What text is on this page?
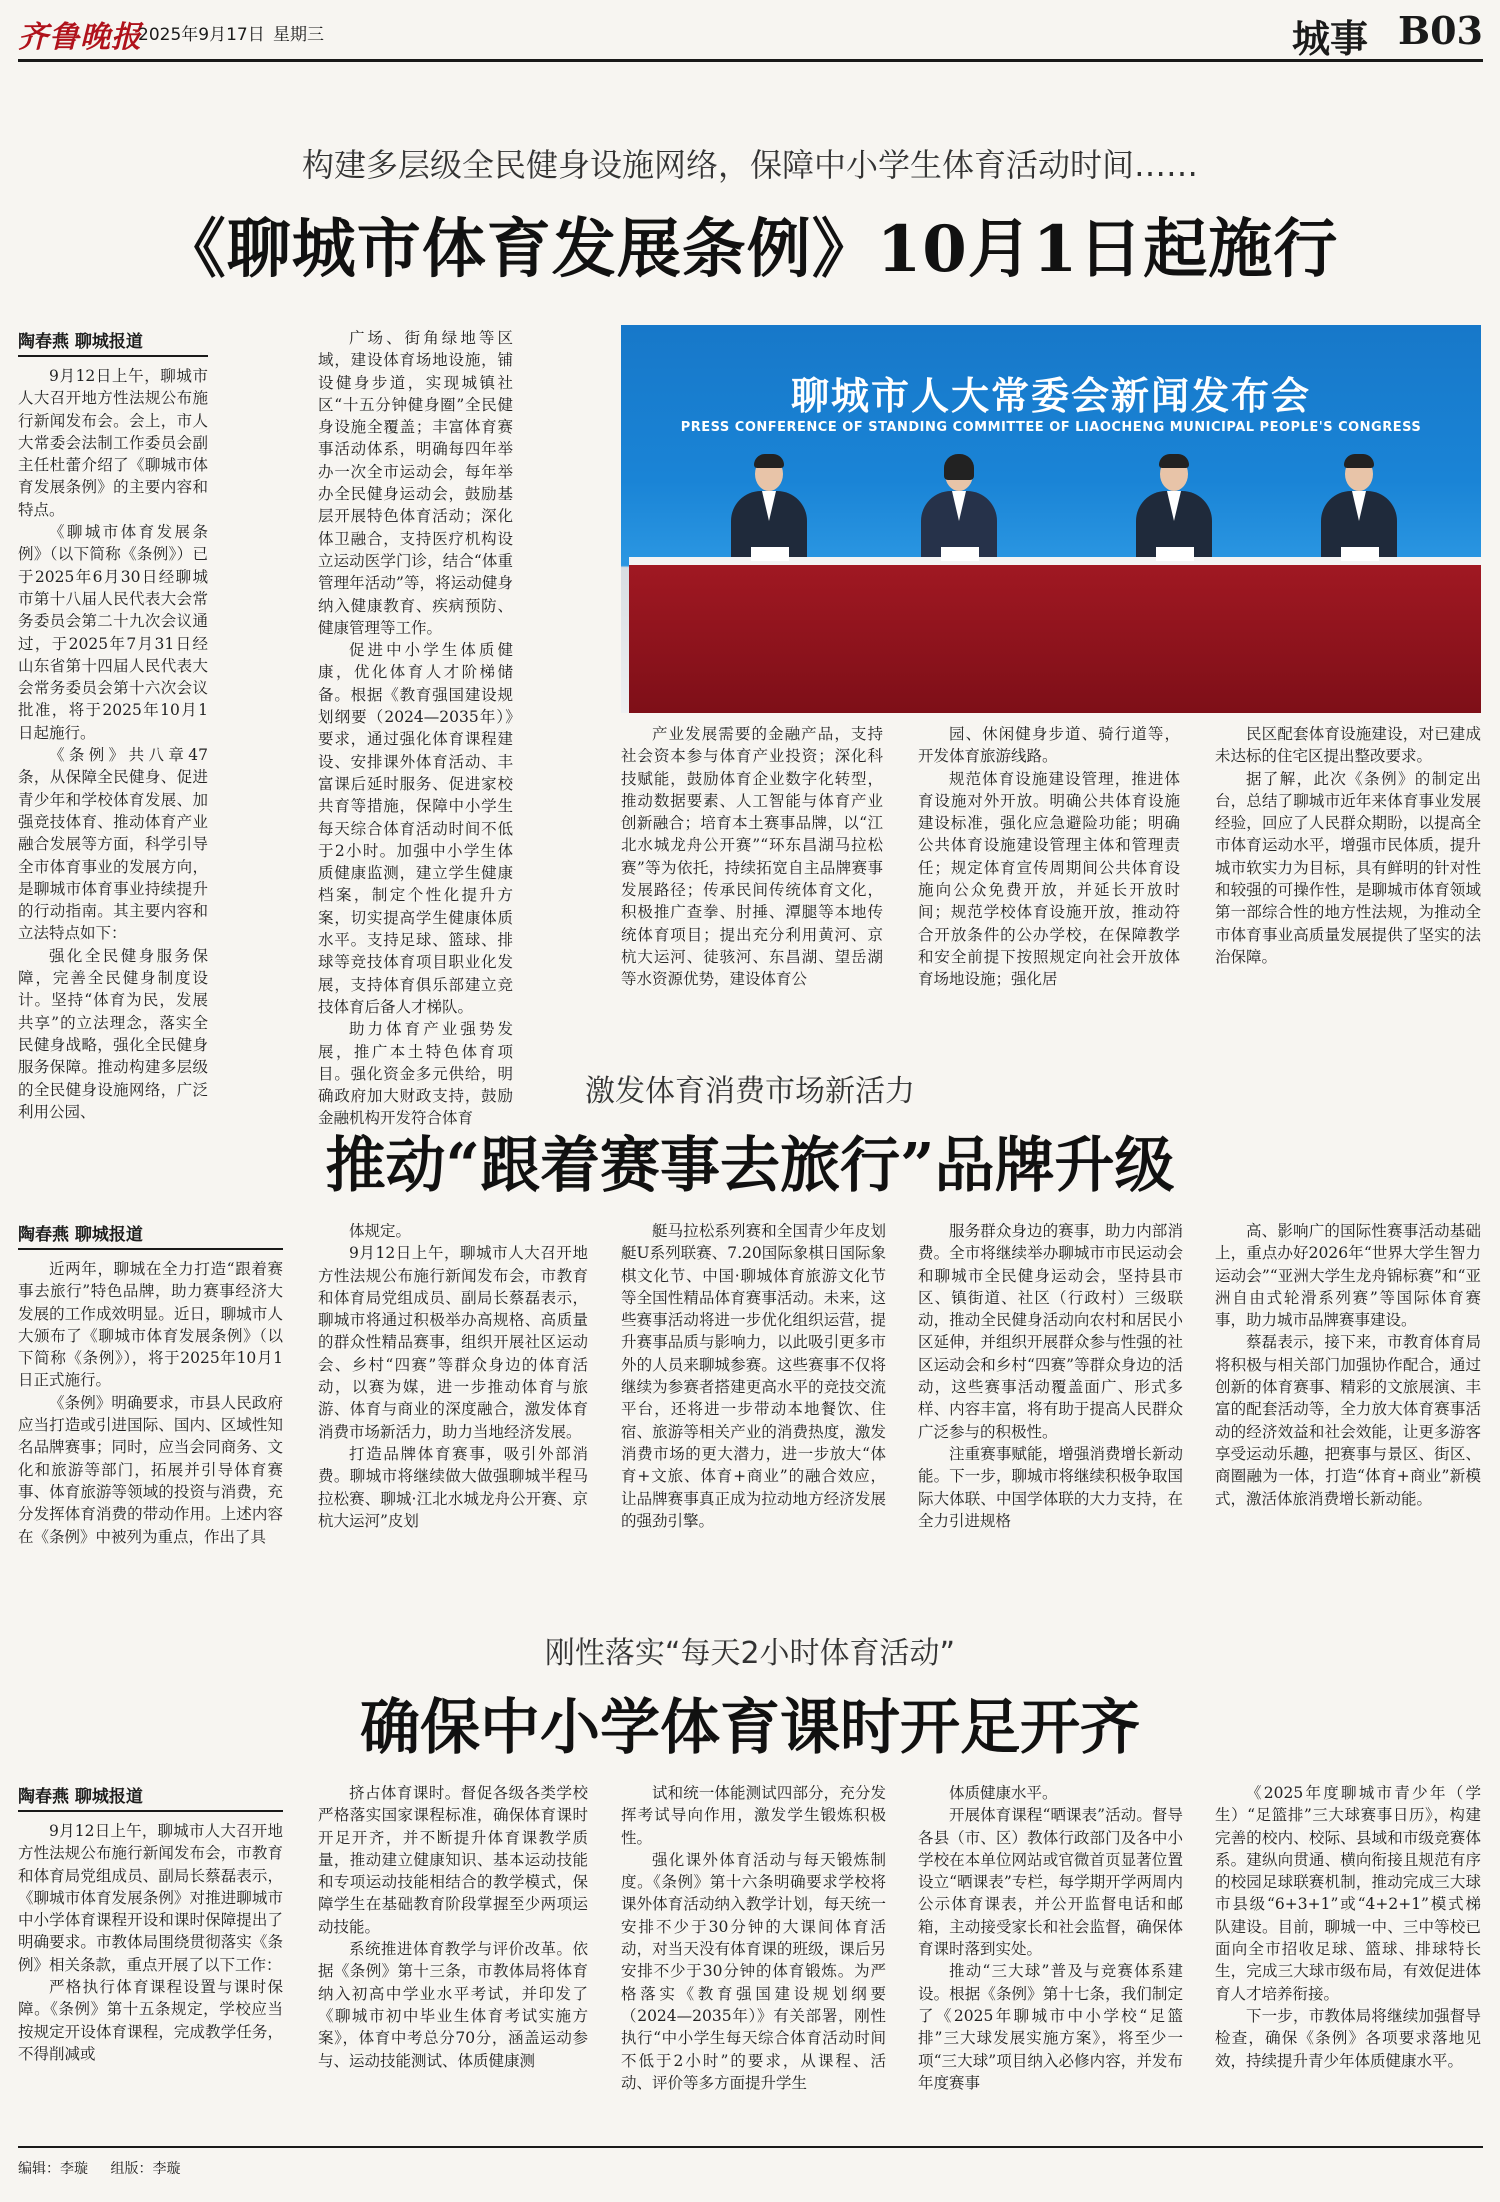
齐鲁晚报
2025年9月17日 星期三	城事 B03
构建多层级全民健身设施网络，保障中小学生体育活动时间……
《聊城市体育发展条例》10月1日起施行
陶春燕 聊城报道

9月12日上午，聊城市人大召开地方性法规公布施行新闻发布会。会上，市人大常委会法制工作委员会副主任杜蕾介绍了《聊城市体育发展条例》的主要内容和特点。

《聊城市体育发展条例》（以下简称《条例》）已于2025年6月30日经聊城市第十八届人民代表大会常务委员会第二十九次会议通过，于2025年7月31日经山东省第十四届人民代表大会常务委员会第十六次会议批准，将于2025年10月1日起施行。

《条例》共八章47条，从保障全民健身、促进青少年和学校体育发展、加强竞技体育、推动体育产业融合发展等方面，科学引导全市体育事业的发展方向，是聊城市体育事业持续提升的行动指南。其主要内容和立法特点如下：

强化全民健身服务保障，完善全民健身制度设计。坚持“体育为民，发展共享”的立法理念，落实全民健身战略，强化全民健身服务保障。推动构建多层级的全民健身设施网络，广泛利用公园、

广场、街角绿地等区域，建设体育场地设施，铺设健身步道，实现城镇社区“十五分钟健身圈”全民健身设施全覆盖；丰富体育赛事活动体系，明确每四年举办一次全市运动会，每年举办全民健身运动会，鼓励基层开展特色体育活动；深化体卫融合，支持医疗机构设立运动医学门诊，结合“体重管理年活动”等，将运动健身纳入健康教育、疾病预防、健康管理等工作。

促进中小学生体质健康，优化体育人才阶梯储备。根据《教育强国建设规划纲要（2024—2035年）》要求，通过强化体育课程建设、安排课外体育活动、丰富课后延时服务、促进家校共育等措施，保障中小学生每天综合体育活动时间不低于2小时。加强中小学生体质健康监测，建立学生健康档案，制定个性化提升方案，切实提高学生健康体质水平。支持足球、篮球、排球等竞技体育项目职业化发展，支持体育俱乐部建立竞技体育后备人才梯队。

助力体育产业强势发展，推广本土特色体育项目。强化资金多元供给，明确政府加大财政支持，鼓励金融机构开发符合体育

聊城市人大常委会新闻发布会
PRESS CONFERENCE OF STANDING COMMITTEE OF LIAOCHENG MUNICIPAL PEOPLE'S CONGRESS

产业发展需要的金融产品，支持社会资本参与体育产业投资；深化科技赋能，鼓励体育企业数字化转型，推动数据要素、人工智能与体育产业创新融合；培育本土赛事品牌，以“江北水城龙舟公开赛”“环东昌湖马拉松赛”等为依托，持续拓宽自主品牌赛事发展路径；传承民间传统体育文化，积极推广查拳、肘捶、潭腿等本地传统体育项目；提出充分利用黄河、京杭大运河、徒骇河、东昌湖、望岳湖等水资源优势，建设体育公

园、休闲健身步道、骑行道等，开发体育旅游线路。

规范体育设施建设管理，推进体育设施对外开放。明确公共体育设施建设标准，强化应急避险功能；明确公共体育设施建设管理主体和管理责任；规定体育宣传周期间公共体育设施向公众免费开放，并延长开放时间；规范学校体育设施开放，推动符合开放条件的公办学校，在保障教学和安全前提下按照规定向社会开放体育场地设施；强化居

民区配套体育设施建设，对已建成未达标的住宅区提出整改要求。

据了解，此次《条例》的制定出台，总结了聊城市近年来体育事业发展经验，回应了人民群众期盼，以提高全市体育运动水平，增强市民体质，提升城市软实力为目标，具有鲜明的针对性和较强的可操作性，是聊城市体育领域第一部综合性的地方性法规，为推动全市体育事业高质量发展提供了坚实的法治保障。

激发体育消费市场新活力
推动“跟着赛事去旅行”品牌升级
陶春燕 聊城报道

近两年，聊城在全力打造“跟着赛事去旅行”特色品牌，助力赛事经济大发展的工作成效明显。近日，聊城市人大颁布了《聊城市体育发展条例》（以下简称《条例》），将于2025年10月1日正式施行。

《条例》明确要求，市县人民政府应当打造或引进国际、国内、区域性知名品牌赛事；同时，应当会同商务、文化和旅游等部门，拓展并引导体育赛事、体育旅游等领域的投资与消费，充分发挥体育消费的带动作用。上述内容在《条例》中被列为重点，作出了具

体规定。

9月12日上午，聊城市人大召开地方性法规公布施行新闻发布会，市教育和体育局党组成员、副局长蔡磊表示，聊城市将通过积极举办高规格、高质量的群众性精品赛事，组织开展社区运动会、乡村“四赛”等群众身边的体育活动，以赛为媒，进一步推动体育与旅游、体育与商业的深度融合，激发体育消费市场新活力，助力当地经济发展。

打造品牌体育赛事，吸引外部消费。聊城市将继续做大做强聊城半程马拉松赛、聊城·江北水城龙舟公开赛、京杭大运河”皮划

艇马拉松系列赛和全国青少年皮划艇U系列联赛、7.20国际象棋日国际象棋文化节、中国·聊城体育旅游文化节等全国性精品体育赛事活动。未来，这些赛事活动将进一步优化组织运营，提升赛事品质与影响力，以此吸引更多市外的人员来聊城参赛。这些赛事不仅将继续为参赛者搭建更高水平的竞技交流平台，还将进一步带动本地餐饮、住宿、旅游等相关产业的消费热度，激发消费市场的更大潜力，进一步放大“体育+文旅、体育+商业”的融合效应，让品牌赛事真正成为拉动地方经济发展的强劲引擎。

服务群众身边的赛事，助力内部消费。全市将继续举办聊城市市民运动会和聊城市全民健身运动会，坚持县市区、镇街道、社区（行政村）三级联动，推动全民健身活动向农村和居民小区延伸，并组织开展群众参与性强的社区运动会和乡村“四赛”等群众身边的活动，这些赛事活动覆盖面广、形式多样、内容丰富，将有助于提高人民群众广泛参与的积极性。

注重赛事赋能，增强消费增长新动能。下一步，聊城市将继续积极争取国际大体联、中国学体联的大力支持，在全力引进规格

高、影响广的国际性赛事活动基础上，重点办好2026年“世界大学生智力运动会”“亚洲大学生龙舟锦标赛”和“亚洲自由式轮滑系列赛”等国际体育赛事，助力城市品牌赛事建设。

蔡磊表示，接下来，市教育体育局将积极与相关部门加强协作配合，通过创新的体育赛事、精彩的文旅展演、丰富的配套活动等，全力放大体育赛事活动的经济效益和社会效能，让更多游客享受运动乐趣，把赛事与景区、街区、商圈融为一体，打造“体育+商业”新模式，激活体旅消费增长新动能。

刚性落实“每天2小时体育活动”
确保中小学体育课时开足开齐
陶春燕 聊城报道

9月12日上午，聊城市人大召开地方性法规公布施行新闻发布会，市教育和体育局党组成员、副局长蔡磊表示，《聊城市体育发展条例》对推进聊城市中小学体育课程开设和课时保障提出了明确要求。市教体局围绕贯彻落实《条例》相关条款，重点开展了以下工作：

严格执行体育课程设置与课时保障。《条例》第十五条规定，学校应当按规定开设体育课程，完成教学任务，不得削减或

挤占体育课时。督促各级各类学校严格落实国家课程标准，确保体育课时开足开齐，并不断提升体育课教学质量，推动建立健康知识、基本运动技能和专项运动技能相结合的教学模式，保障学生在基础教育阶段掌握至少两项运动技能。

系统推进体育教学与评价改革。依据《条例》第十三条，市教体局将体育纳入初高中学业水平考试，并印发了《聊城市初中毕业生体育考试实施方案》，体育中考总分70分，涵盖运动参与、运动技能测试、体质健康测

试和统一体能测试四部分，充分发挥考试导向作用，激发学生锻炼积极性。

强化课外体育活动与每天锻炼制度。《条例》第十六条明确要求学校将课外体育活动纳入教学计划，每天统一安排不少于30分钟的大课间体育活动，对当天没有体育课的班级，课后另安排不少于30分钟的体育锻炼。为严格落实《教育强国建设规划纲要（2024—2035年）》有关部署，刚性执行“中小学生每天综合体育活动时间不低于2小时”的要求，从课程、活动、评价等多方面提升学生

体质健康水平。

开展体育课程“晒课表”活动。督导各县（市、区）教体行政部门及各中小学校在本单位网站或官微首页显著位置设立“晒课表”专栏，每学期开学两周内公示体育课表，并公开监督电话和邮箱，主动接受家长和社会监督，确保体育课时落到实处。

推动“三大球”普及与竞赛体系建设。根据《条例》第十七条，我们制定了《2025年聊城市中小学校“足篮排”三大球发展实施方案》，将至少一项“三大球”项目纳入必修内容，并发布年度赛事

《2025年度聊城市青少年（学生）“足篮排”三大球赛事日历》，构建完善的校内、校际、县域和市级竞赛体系。建纵向贯通、横向衔接且规范有序的校园足球联赛机制，推动完成三大球市县级“6+3+1”或“4+2+1”模式梯队建设。目前，聊城一中、三中等校已面向全市招收足球、篮球、排球特长生，完成三大球市级布局，有效促进体育人才培养衔接。

下一步，市教体局将继续加强督导检查，确保《条例》各项要求落地见效，持续提升青少年体质健康水平。

编辑：李璇 组版：李璇
